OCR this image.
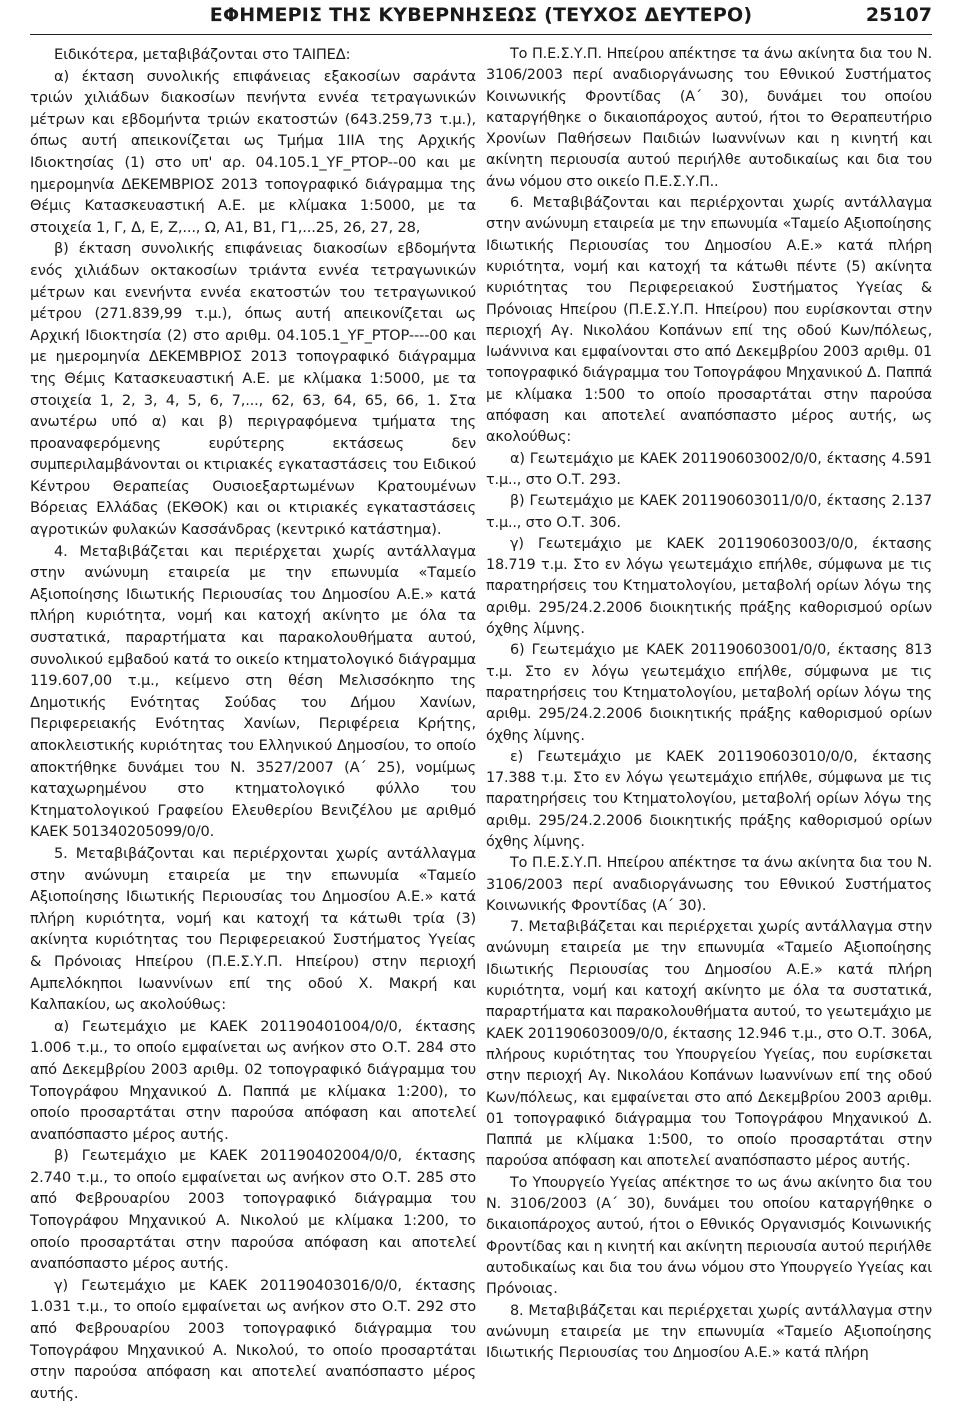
ΕΦΗΜΕΡΙΣ ΤΗΣ ΚΥΒΕΡΝΗΣΕΩΣ (ΤΕΥΧΟΣ ΔΕΥΤΕΡΟ)	25107

Ειδικότερα, μεταβιβάζονται στο ΤΑΙΠΕΔ:

α) έκταση συνολικής επιφάνειας εξακοσίων σαράντα τριών χιλιάδων διακοσίων πενήντα εννέα τετραγωνικών μέτρων και εβδομήντα τριών εκατοστών (643.259,73 τ.μ.), όπως αυτή απεικονίζεται ως Τμήμα 1ΙΙΑ της Αρχικής Ιδιοκτησίας (1) στο υπ' αρ. 04.105.1_YF_PTOP--00 και με ημερομηνία ΔΕΚΕΜΒΡΙΟΣ 2013 τοπογραφικό διάγραμμα της Θέμις Κατασκευαστική Α.Ε. με κλίμακα 1:5000, με τα στοιχεία 1, Γ, Δ, Ε, Ζ,..., Ω, Α1, Β1, Γ1,...25, 26, 27, 28,

β) έκταση συνολικής επιφάνειας διακοσίων εβδομήντα ενός χιλιάδων οκτακοσίων τριάντα εννέα τετραγωνικών μέτρων και ενενήντα εννέα εκατοστών του τετραγωνικού μέτρου (271.839,99 τ.μ.), όπως αυτή απεικονίζεται ως Αρχική Ιδιοκτησία (2) στο αριθμ. 04.105.1_YF_PTOP----00 και με ημερομηνία ΔΕΚΕΜΒΡΙΟΣ 2013 τοπογραφικό διάγραμμα της Θέμις Κατασκευαστική Α.Ε. με κλίμακα 1:5000, με τα στοιχεία 1, 2, 3, 4, 5, 6, 7,..., 62, 63, 64, 65, 66, 1. Στα ανωτέρω υπό α) και β) περιγραφόμενα τμήματα της προαναφερόμενης ευρύτερης εκτάσεως δεν συμπεριλαμβάνονται οι κτιριακές εγκαταστάσεις του Ειδικού Κέντρου Θεραπείας Ουσιοεξαρτωμένων Κρατουμένων Βόρειας Ελλάδας (ΕΚΘΟΚ) και οι κτιριακές εγκαταστάσεις αγροτικών φυλακών Κασσάνδρας (κεντρικό κατάστημα).

4. Μεταβιβάζεται και περιέρχεται χωρίς αντάλλαγμα στην ανώνυμη εταιρεία με την επωνυμία «Ταμείο Αξιοποίησης Ιδιωτικής Περιουσίας του Δημοσίου Α.Ε.» κατά πλήρη κυριότητα, νομή και κατοχή ακίνητο με όλα τα συστατικά, παραρτήματα και παρακολουθήματα αυτού, συνολικού εμβαδού κατά το οικείο κτηματολογικό διάγραμμα 119.607,00 τ.μ., κείμενο στη θέση Μελισσόκηπο της Δημοτικής Ενότητας Σούδας του Δήμου Χανίων, Περιφερειακής Ενότητας Χανίων, Περιφέρεια Κρήτης, αποκλειστικής κυριότητας του Ελληνικού Δημοσίου, το οποίο αποκτήθηκε δυνάμει του Ν. 3527/2007 (Α΄ 25), νομίμως καταχωρημένου στο κτηματολογικό φύλλο του Κτηματολογικού Γραφείου Ελευθερίου Βενιζέλου με αριθμό ΚΑΕΚ 501340205099/0/0.

5. Μεταβιβάζονται και περιέρχονται χωρίς αντάλλαγμα στην ανώνυμη εταιρεία με την επωνυμία «Ταμείο Αξιοποίησης Ιδιωτικής Περιουσίας του Δημοσίου Α.Ε.» κατά πλήρη κυριότητα, νομή και κατοχή τα κάτωθι τρία (3) ακίνητα κυριότητας του Περιφερειακού Συστήματος Υγείας & Πρόνοιας Ηπείρου (Π.Ε.Σ.Υ.Π. Ηπείρου) στην περιοχή Αμπελόκηποι Ιωαννίνων επί της οδού Χ. Μακρή και Καλπακίου, ως ακολούθως:

α) Γεωτεμάχιο με ΚΑΕΚ 201190401004/0/0, έκτασης 1.006 τ.μ., το οποίο εμφαίνεται ως ανήκον στο Ο.Τ. 284 στο από Δεκεμβρίου 2003 αριθμ. 02 τοπογραφικό διάγραμμα του Τοπογράφου Μηχανικού Δ. Παππά με κλίμακα 1:200), το οποίο προσαρτάται στην παρούσα απόφαση και αποτελεί αναπόσπαστο μέρος αυτής.

β) Γεωτεμάχιο με ΚΑΕΚ 201190402004/0/0, έκτασης 2.740 τ.μ., το οποίο εμφαίνεται ως ανήκον στο Ο.Τ. 285 στο από Φεβρουαρίου 2003 τοπογραφικό διάγραμμα του Τοπογράφου Μηχανικού Α. Νικολού με κλίμακα 1:200, το οποίο προσαρτάται στην παρούσα απόφαση και αποτελεί αναπόσπαστο μέρος αυτής.

γ) Γεωτεμάχιο με ΚΑΕΚ 201190403016/0/0, έκτασης 1.031 τ.μ., το οποίο εμφαίνεται ως ανήκον στο Ο.Τ. 292 στο από Φεβρουαρίου 2003 τοπογραφικό διάγραμμα του Τοπογράφου Μηχανικού Α. Νικολού, το οποίο προσαρτάται στην παρούσα απόφαση και αποτελεί αναπόσπαστο μέρος αυτής.

Το Π.Ε.Σ.Υ.Π. Ηπείρου απέκτησε τα άνω ακίνητα δια του Ν. 3106/2003 περί αναδιοργάνωσης του Εθνικού Συστήματος Κοινωνικής Φροντίδας (Α΄ 30), δυνάμει του οποίου καταργήθηκε ο δικαιοπάροχος αυτού, ήτοι το Θεραπευτήριο Χρονίων Παθήσεων Παιδιών Ιωαννίνων και η κινητή και ακίνητη περιουσία αυτού περιήλθε αυτοδικαίως και δια του άνω νόμου στο οικείο Π.Ε.Σ.Υ.Π..

6. Μεταβιβάζονται και περιέρχονται χωρίς αντάλλαγμα στην ανώνυμη εταιρεία με την επωνυμία «Ταμείο Αξιοποίησης Ιδιωτικής Περιουσίας του Δημοσίου Α.Ε.» κατά πλήρη κυριότητα, νομή και κατοχή τα κάτωθι πέντε (5) ακίνητα κυριότητας του Περιφερειακού Συστήματος Υγείας & Πρόνοιας Ηπείρου (Π.Ε.Σ.Υ.Π. Ηπείρου) που ευρίσκονται στην περιοχή Αγ. Νικολάου Κοπάνων επί της οδού Κων/πόλεως, Ιωάννινα και εμφαίνονται στο από Δεκεμβρίου 2003 αριθμ. 01 τοπογραφικό διάγραμμα του Τοπογράφου Μηχανικού Δ. Παππά με κλίμακα 1:500 το οποίο προσαρτάται στην παρούσα απόφαση και αποτελεί αναπόσπαστο μέρος αυτής, ως ακολούθως:

α) Γεωτεμάχιο με ΚΑΕΚ 201190603002/0/0, έκτασης 4.591 τ.μ.., στο Ο.Τ. 293.

β) Γεωτεμάχιο με ΚΑΕΚ 201190603011/0/0, έκτασης 2.137 τ.μ.., στο Ο.Τ. 306.

γ) Γεωτεμάχιο με ΚΑΕΚ 201190603003/0/0, έκτασης 18.719 τ.μ. Στο εν λόγω γεωτεμάχιο επήλθε, σύμφωνα με τις παρατηρήσεις του Κτηματολογίου, μεταβολή ορίων λόγω της αριθμ. 295/24.2.2006 διοικητικής πράξης καθορισμού ορίων όχθης λίμνης.

6) Γεωτεμάχιο με ΚΑΕΚ 201190603001/0/0, έκτασης 813 τ.μ. Στο εν λόγω γεωτεμάχιο επήλθε, σύμφωνα με τις παρατηρήσεις του Κτηματολογίου, μεταβολή ορίων λόγω της αριθμ. 295/24.2.2006 διοικητικής πράξης καθορισμού ορίων όχθης λίμνης.

ε) Γεωτεμάχιο με ΚΑΕΚ 201190603010/0/0, έκτασης 17.388 τ.μ. Στο εν λόγω γεωτεμάχιο επήλθε, σύμφωνα με τις παρατηρήσεις του Κτηματολογίου, μεταβολή ορίων λόγω της αριθμ. 295/24.2.2006 διοικητικής πράξης καθορισμού ορίων όχθης λίμνης.

Το Π.Ε.Σ.Υ.Π. Ηπείρου απέκτησε τα άνω ακίνητα δια του Ν. 3106/2003 περί αναδιοργάνωσης του Εθνικού Συστήματος Κοινωνικής Φροντίδας (Α΄ 30).

7. Μεταβιβάζεται και περιέρχεται χωρίς αντάλλαγμα στην ανώνυμη εταιρεία με την επωνυμία «Ταμείο Αξιοποίησης Ιδιωτικής Περιουσίας του Δημοσίου Α.Ε.» κατά πλήρη κυριότητα, νομή και κατοχή ακίνητο με όλα τα συστατικά, παραρτήματα και παρακολουθήματα αυτού, το γεωτεμάχιο με ΚΑΕΚ 201190603009/0/0, έκτασης 12.946 τ.μ., στο Ο.Τ. 306Α, πλήρους κυριότητας του Υπουργείου Υγείας, που ευρίσκεται στην περιοχή Αγ. Νικολάου Κοπάνων Ιωαννίνων επί της οδού Κων/πόλεως, και εμφαίνεται στο από Δεκεμβρίου 2003 αριθμ. 01 τοπογραφικό διάγραμμα του Τοπογράφου Μηχανικού Δ. Παππά με κλίμακα 1:500, το οποίο προσαρτάται στην παρούσα απόφαση και αποτελεί αναπόσπαστο μέρος αυτής.

Το Υπουργείο Υγείας απέκτησε το ως άνω ακίνητο δια του Ν. 3106/2003 (Α΄ 30), δυνάμει του οποίου καταργήθηκε ο δικαιοπάροχος αυτού, ήτοι ο Εθνικός Οργανισμός Κοινωνικής Φροντίδας και η κινητή και ακίνητη περιουσία αυτού περιήλθε αυτοδικαίως και δια του άνω νόμου στο Υπουργείο Υγείας και Πρόνοιας.

8. Μεταβιβάζεται και περιέρχεται χωρίς αντάλλαγμα στην ανώνυμη εταιρεία με την επωνυμία «Ταμείο Αξιοποίησης Ιδιωτικής Περιουσίας του Δημοσίου Α.Ε.» κατά πλήρη
